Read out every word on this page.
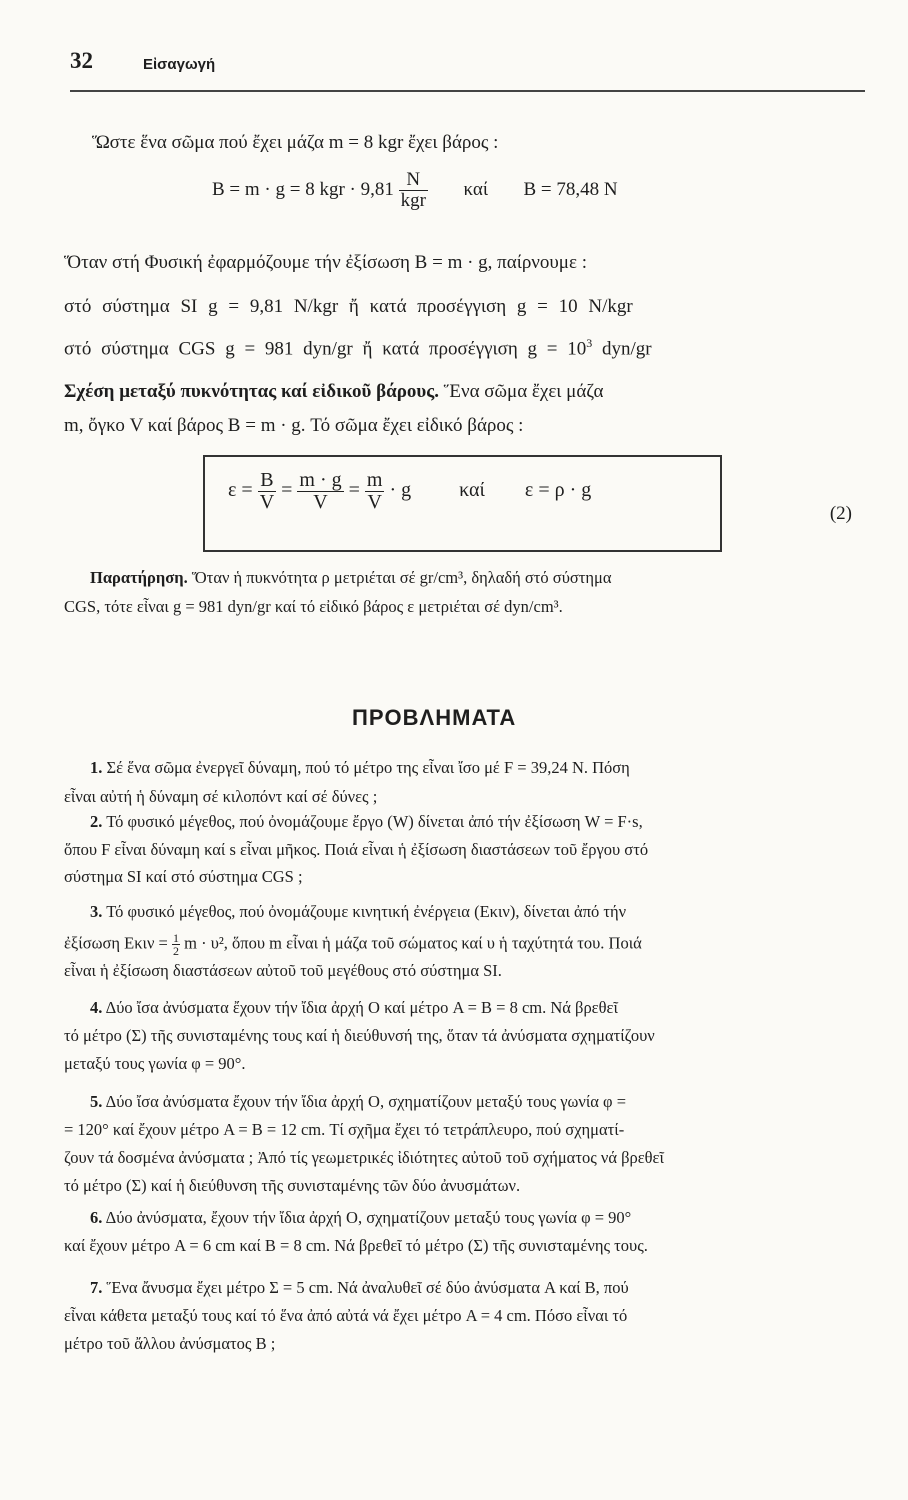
32	Εἰσαγωγή
Ὥστε ἕνα σῶμα πού ἔχει μάζα m = 8 kgr ἔχει βάρος :
B = m · g = 8 kgr · $9,81 \frac{N}{\text{kgr}}$ καί B = 78,48 N
Ὅταν στή Φυσική ἐφαρμόζουμε τήν ἐξίσωση B = m · g, παίρνουμε :
στό σύστημα SI g = 9,81 N/kgr ἤ κατά προσέγγιση g = 10 N/kgr
στό σύστημα CGS g = 981 dyn/gr ἤ κατά προσέγγιση $g = 10^3$ dyn/gr
Σχέση μεταξύ πυκνότητας καί εἰδικοῦ βάρους. Ἕνα σῶμα ἔχει μάζα
m, ὄγκο V καί βάρος B = m · g. Τό σῶμα ἔχει εἰδικό βάρος :
$\varepsilon = \frac{B}{V} = \frac{m \cdot g}{V} = \frac{m}{V} \cdot g$ καί ε = ρ · g
(2)
Παρατήρηση. Ὅταν ἡ πυκνότητα ρ μετριέται σέ gr/cm³, δηλαδή στό σύστημα
CGS, τότε εἶναι g = 981 dyn/gr καί τό εἰδικό βάρος ε μετριέται σέ dyn/cm³.
ΠΡΟΒΛΗΜΑΤΑ
1. Σέ ἕνα σῶμα ἐνεργεῖ δύναμη, πού τό μέτρο της εἶναι ἴσο μέ F = 39,24 N. Πόση
εἶναι αὐτή ἡ δύναμη σέ κιλοπόντ καί σέ δύνες ;
2. Τό φυσικό μέγεθος, πού ὀνομάζουμε ἔργο (W) δίνεται ἀπό τήν ἐξίσωση W = F·s,
ὅπου F εἶναι δύναμη καί s εἶναι μῆκος. Ποιά εἶναι ἡ ἐξίσωση διαστάσεων τοῦ ἔργου στό
σύστημα SI καί στό σύστημα CGS ;
3. Τό φυσικό μέγεθος, πού ὀνομάζουμε κινητική ἐνέργεια (Eκιν), δίνεται ἀπό τήν
ἐξίσωση $E\kappa\iota\nu = \frac{1}{2}$ m · υ², ὅπου m εἶναι ἡ μάζα τοῦ σώματος καί υ ἡ ταχύτητά του. Ποιά
εἶναι ἡ ἐξίσωση διαστάσεων αὐτοῦ τοῦ μεγέθους στό σύστημα SI.
4. Δύο ἴσα ἀνύσματα ἔχουν τήν ἴδια ἀρχή O καί μέτρο A = B = 8 cm. Νά βρεθεῖ
τό μέτρο (Σ) τῆς συνισταμένης τους καί ἡ διεύθυνσή της, ὅταν τά ἀνύσματα σχηματίζουν
μεταξύ τους γωνία φ = 90°.
5. Δύο ἴσα ἀνύσματα ἔχουν τήν ἴδια ἀρχή O, σχηματίζουν μεταξύ τους γωνία φ =
= 120° καί ἔχουν μέτρο A = B = 12 cm. Τί σχῆμα ἔχει τό τετράπλευρο, πού σχηματί-
ζουν τά δοσμένα ἀνύσματα ; Ἀπό τίς γεωμετρικές ἰδιότητες αὐτοῦ τοῦ σχήματος νά βρεθεῖ
τό μέτρο (Σ) καί ἡ διεύθυνση τῆς συνισταμένης τῶν δύο ἀνυσμάτων.
6. Δύο ἀνύσματα, ἔχουν τήν ἴδια ἀρχή O, σχηματίζουν μεταξύ τους γωνία φ = 90°
καί ἔχουν μέτρο A = 6 cm καί B = 8 cm. Νά βρεθεῖ τό μέτρο (Σ) τῆς συνισταμένης τους.
7. Ἕνα ἄνυσμα ἔχει μέτρο Σ = 5 cm. Νά ἀναλυθεῖ σέ δύο ἀνύσματα A καί B, πού
εἶναι κάθετα μεταξύ τους καί τό ἕνα ἀπό αὐτά νά ἔχει μέτρο A = 4 cm. Πόσο εἶναι τό
μέτρο τοῦ ἄλλου ἀνύσματος B ;
